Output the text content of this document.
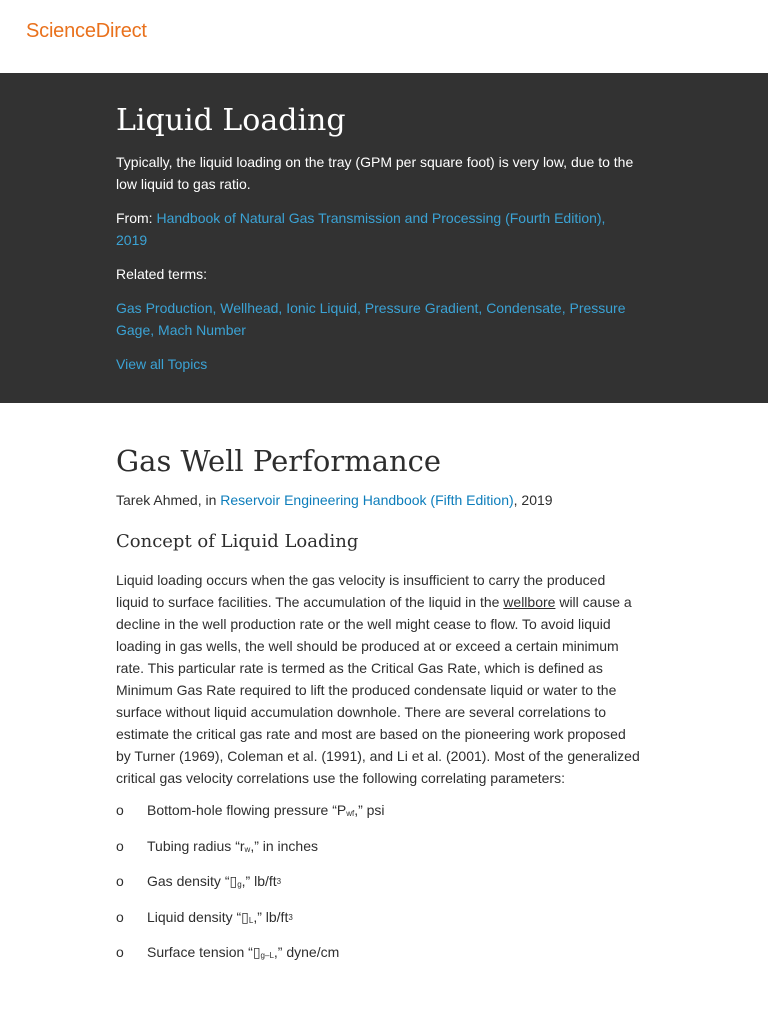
ScienceDirect
Liquid Loading

Typically, the liquid loading on the tray (GPM per square foot) is very low, due to the low liquid to gas ratio.

From: Handbook of Natural Gas Transmission and Processing (Fourth Edition), 2019

Related terms:

Gas Production, Wellhead, Ionic Liquid, Pressure Gradient, Condensate, Pressure Gage, Mach Number

View all Topics

Gas Well Performance

Tarek Ahmed, in Reservoir Engineering Handbook (Fifth Edition), 2019

Concept of Liquid Loading

Liquid loading occurs when the gas velocity is insufficient to carry the produced liquid to surface facilities. The accumulation of the liquid in the wellbore will cause a decline in the well production rate or the well might cease to flow. To avoid liquid loading in gas wells, the well should be produced at or exceed a certain minimum rate. This particular rate is termed as the Critical Gas Rate, which is defined as Minimum Gas Rate required to lift the produced condensate liquid or water to the surface without liquid accumulation downhole. There are several correlations to estimate the critical gas rate and most are based on the pioneering work proposed by Turner (1969), Coleman et al. (1991), and Li et al. (2001). Most of the generalized critical gas velocity correlations use the following correlating parameters:

o	Bottom-hole flowing pressure “$P_{wf}$,” psi
o	Tubing radius “$r_w$,” in inches
o	Gas density “$▯_g$,” $lb/ft^3$
o	Liquid density “$▯_L$,” $lb/ft^3$
o	Surface tension “$▯_{g-L}$,” dyne/cm
